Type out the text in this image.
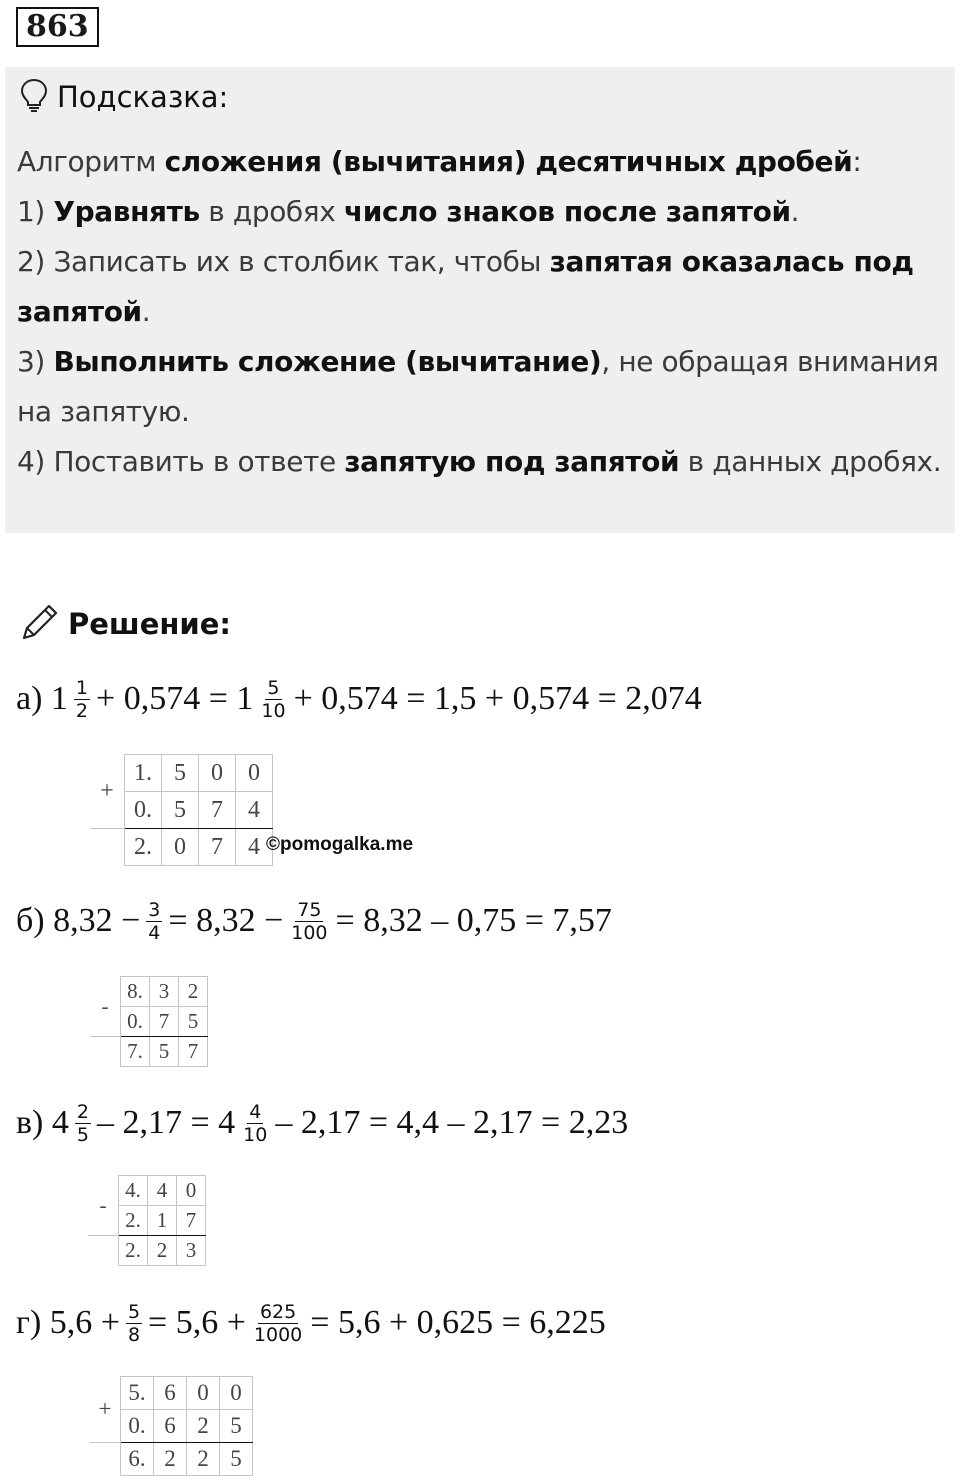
863
Подсказка:
Алгоритм сложения (вычитания) десятичных дробей:
1) Уравнять в дробях число знаков после запятой.
2) Записать их в столбик так, чтобы запятая оказалась под
запятой.
3) Выполнить сложение (вычитание), не обращая внимания
на запятую.
4) Поставить в ответе запятую под запятой в данных дробях.
Решение:
а) $1 \frac{1}{2} + 0,574 = 1 \frac{5}{10} + 0,574 = 1,5 + 0,574 = 2,074$
+	1.	5	0	0
	0.	5	7	4
	2.	0	7	4 ©pomogalka.me
б) $8,32 - \frac{3}{4} = 8,32 - \frac{75}{100} = 8,32 - 0,75 = 7,57$
-	8.	3	2
	0.	7	5
	7.	5	7
в) $4 \frac{2}{5} - 2,17 = 4 \frac{4}{10} - 2,17 = 4,4 - 2,17 = 2,23$
-	4.	4	0
	2.	1	7
	2.	2	3
г) $5,6 + \frac{5}{8} = 5,6 + \frac{625}{1000} = 5,6 + 0,625 = 6,225$
+	5.	6	0	0
	0.	6	2	5
	6.	2	2	5
